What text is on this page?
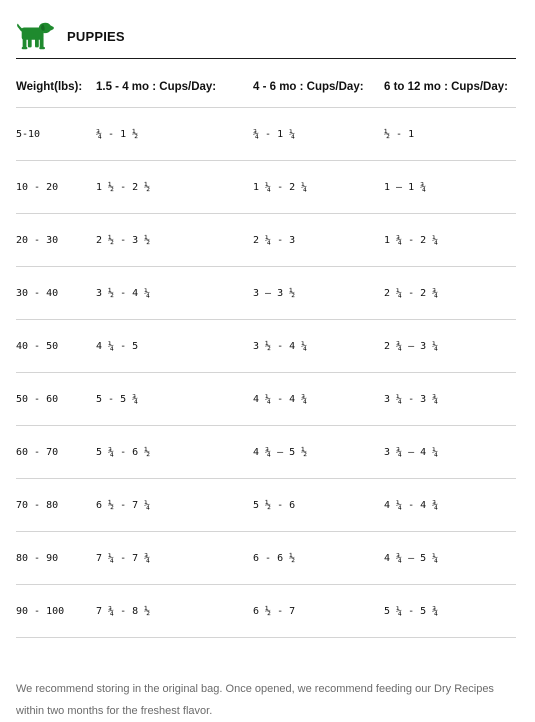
PUPPIES
Weight(lbs):	1.5 - 4 mo : Cups/Day:	4 - 6 mo : Cups/Day:	6 to 12 mo : Cups/Day:
5-10	¾ - 1 ½	¾ - 1 ¼	½ - 1
10 - 20	1 ½ - 2 ½	1 ¼ - 2 ¼	1 – 1 ¾
20 - 30	2 ½ - 3 ½	2 ¼ - 3	1 ¾ - 2 ¼
30 - 40	3 ½ - 4 ¼	3 – 3 ½	2 ¼ - 2 ¾
40 - 50	4 ¼ - 5	3 ½ - 4 ¼	2 ¾ – 3 ¼
50 - 60	5 - 5 ¾	4 ¼ - 4 ¾	3 ¼ - 3 ¾
60 - 70	5 ¾ - 6 ½	4 ¾ – 5 ½	3 ¾ – 4 ¼
70 - 80	6 ½ - 7 ¼	5 ½ - 6	4 ¼ - 4 ¾
80 - 90	7 ¼ - 7 ¾	6 - 6 ½	4 ¾ – 5 ¼
90 - 100	7 ¾ - 8 ½	6 ½ - 7	5 ¼ - 5 ¾

We recommend storing in the original bag. Once opened, we recommend feeding our Dry Recipes within two months for the freshest flavor.
